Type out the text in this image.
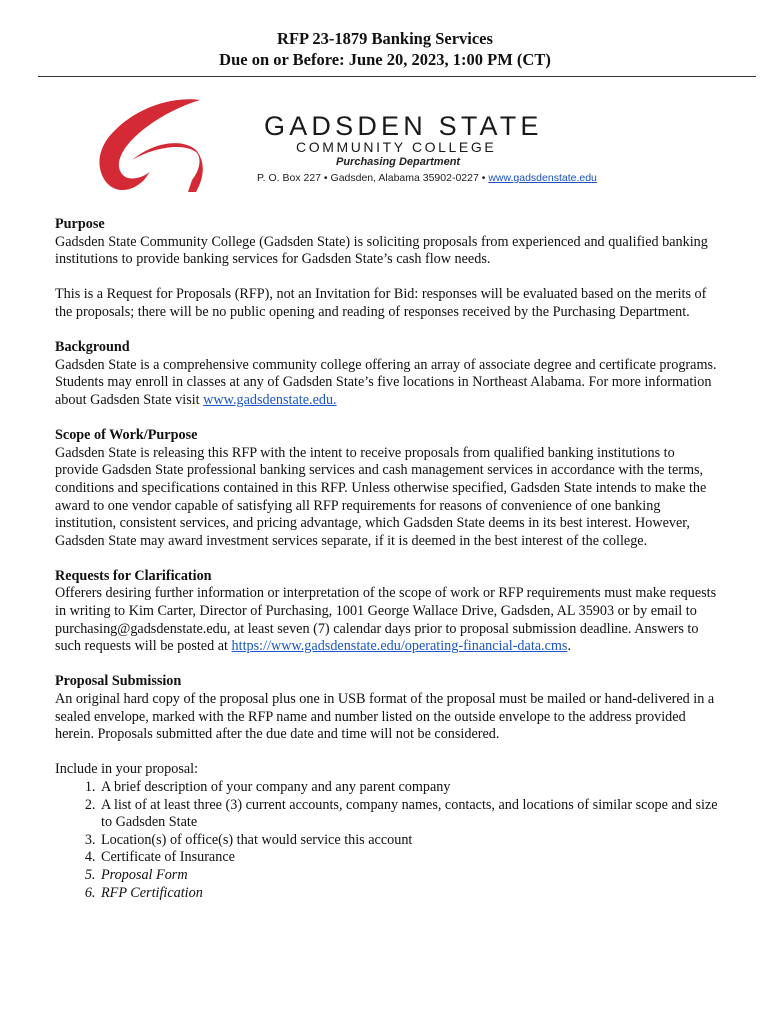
RFP 23-1879 Banking Services
Due on or Before: June 20, 2023, 1:00 PM (CT)
GADSDEN STATE
COMMUNITY COLLEGE
Purchasing Department
P. O. Box 227 • Gadsden, Alabama 35902-0227 • www.gadsdenstate.edu
Purpose

Gadsden State Community College (Gadsden State) is soliciting proposals from experienced and qualified banking institutions to provide banking services for Gadsden State’s cash flow needs.

This is a Request for Proposals (RFP), not an Invitation for Bid: responses will be evaluated based on the merits of the proposals; there will be no public opening and reading of responses received by the Purchasing Department.

Background

Gadsden State is a comprehensive community college offering an array of associate degree and certificate programs. Students may enroll in classes at any of Gadsden State’s five locations in Northeast Alabama. For more information about Gadsden State visit www.gadsdenstate.edu.

Scope of Work/Purpose

Gadsden State is releasing this RFP with the intent to receive proposals from qualified banking institutions to provide Gadsden State professional banking services and cash management services in accordance with the terms, conditions and specifications contained in this RFP. Unless otherwise specified, Gadsden State intends to make the award to one vendor capable of satisfying all RFP requirements for reasons of convenience of one banking institution, consistent services, and pricing advantage, which Gadsden State deems in its best interest. However, Gadsden State may award investment services separate, if it is deemed in the best interest of the college.

Requests for Clarification

Offerers desiring further information or interpretation of the scope of work or RFP requirements must make requests in writing to Kim Carter, Director of Purchasing, 1001 George Wallace Drive, Gadsden, AL 35903 or by email to purchasing@gadsdenstate.edu, at least seven (7) calendar days prior to proposal submission deadline. Answers to such requests will be posted at https://www.gadsdenstate.edu/operating-financial-data.cms.

Proposal Submission

An original hard copy of the proposal plus one in USB format of the proposal must be mailed or hand-delivered in a sealed envelope, marked with the RFP name and number listed on the outside envelope to the address provided herein. Proposals submitted after the due date and time will not be considered.

Include in your proposal:

1. A brief description of your company and any parent company
2. A list of at least three (3) current accounts, company names, contacts, and locations of similar scope and size to Gadsden State
3. Location(s) of office(s) that would service this account
4. Certificate of Insurance
5. Proposal Form
6. RFP Certification
